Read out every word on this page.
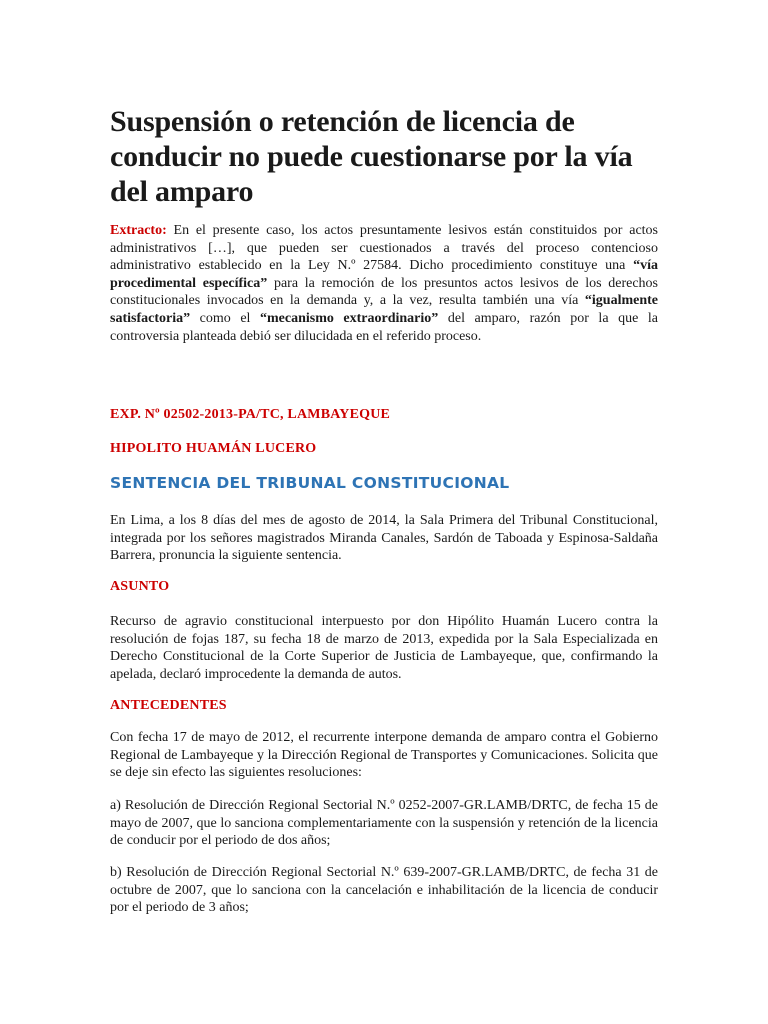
Suspensión o retención de licencia de conducir no puede cuestionarse por la vía del amparo

Extracto: En el presente caso, los actos presuntamente lesivos están constituidos por actos administrativos […], que pueden ser cuestionados a través del proceso contencioso administrativo establecido en la Ley N.º 27584. Dicho procedimiento constituye una “vía procedimental específica” para la remoción de los presuntos actos lesivos de los derechos constitucionales invocados en la demanda y, a la vez, resulta también una vía “igualmente satisfactoria” como el “mecanismo extraordinario” del amparo, razón por la que la controversia planteada debió ser dilucidada en el referido proceso.

EXP. Nº 02502-2013-PA/TC, LAMBAYEQUE

HIPOLITO HUAMÁN LUCERO

SENTENCIA DEL TRIBUNAL CONSTITUCIONAL

En Lima, a los 8 días del mes de agosto de 2014, la Sala Primera del Tribunal Constitucional, integrada por los señores magistrados Miranda Canales, Sardón de Taboada y Espinosa-Saldaña Barrera, pronuncia la siguiente sentencia.

ASUNTO

Recurso de agravio constitucional interpuesto por don Hipólito Huamán Lucero contra la resolución de fojas 187, su fecha 18 de marzo de 2013, expedida por la Sala Especializada en Derecho Constitucional de la Corte Superior de Justicia de Lambayeque, que, confirmando la apelada, declaró improcedente la demanda de autos.

ANTECEDENTES

Con fecha 17 de mayo de 2012, el recurrente interpone demanda de amparo contra el Gobierno Regional de Lambayeque y la Dirección Regional de Transportes y Comunicaciones. Solicita que se deje sin efecto las siguientes resoluciones:

a) Resolución de Dirección Regional Sectorial N.º 0252-2007-GR.LAMB/DRTC, de fecha 15 de mayo de 2007, que lo sanciona complementariamente con la suspensión y retención de la licencia de conducir por el periodo de dos años;

b) Resolución de Dirección Regional Sectorial N.º 639-2007-GR.LAMB/DRTC, de fecha 31 de octubre de 2007, que lo sanciona con la cancelación e inhabilitación de la licencia de conducir por el periodo de 3 años;
